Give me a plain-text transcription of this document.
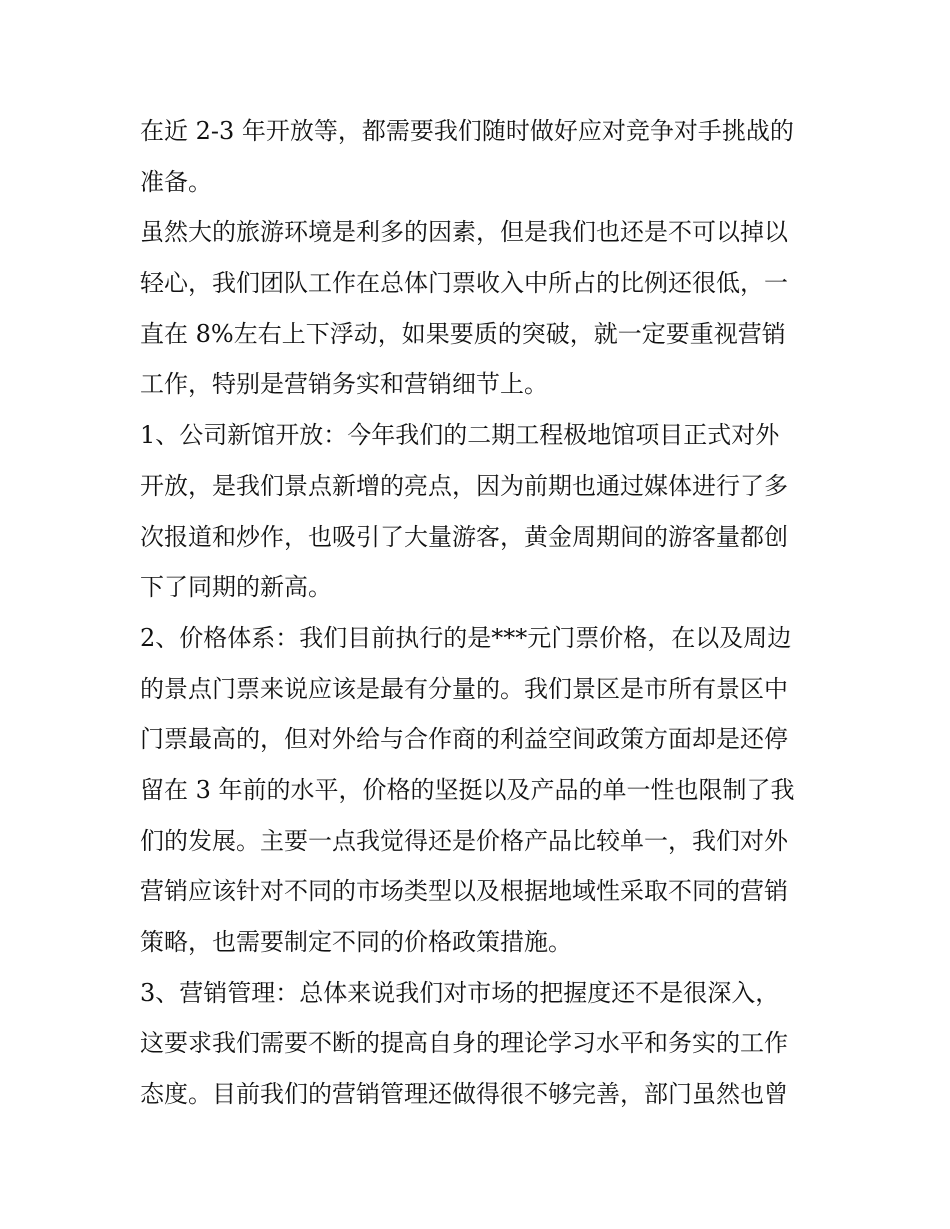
在近 2-3 年开放等，都需要我们随时做好应对竞争对手挑战的
准备。
虽然大的旅游环境是利多的因素，但是我们也还是不可以掉以
轻心，我们团队工作在总体门票收入中所占的比例还很低，一
直在 8%左右上下浮动，如果要质的突破，就一定要重视营销
工作，特别是营销务实和营销细节上。
1、公司新馆开放：今年我们的二期工程极地馆项目正式对外
开放，是我们景点新增的亮点，因为前期也通过媒体进行了多
次报道和炒作，也吸引了大量游客，黄金周期间的游客量都创
下了同期的新高。
2、价格体系：我们目前执行的是***元门票价格，在以及周边
的景点门票来说应该是最有分量的。我们景区是市所有景区中
门票最高的，但对外给与合作商的利益空间政策方面却是还停
留在 3 年前的水平，价格的坚挺以及产品的单一性也限制了我
们的发展。主要一点我觉得还是价格产品比较单一，我们对外
营销应该针对不同的市场类型以及根据地域性采取不同的营销
策略，也需要制定不同的价格政策措施。
3、营销管理：总体来说我们对市场的把握度还不是很深入，
这要求我们需要不断的提高自身的理论学习水平和务实的工作
态度。目前我们的营销管理还做得很不够完善，部门虽然也曾
